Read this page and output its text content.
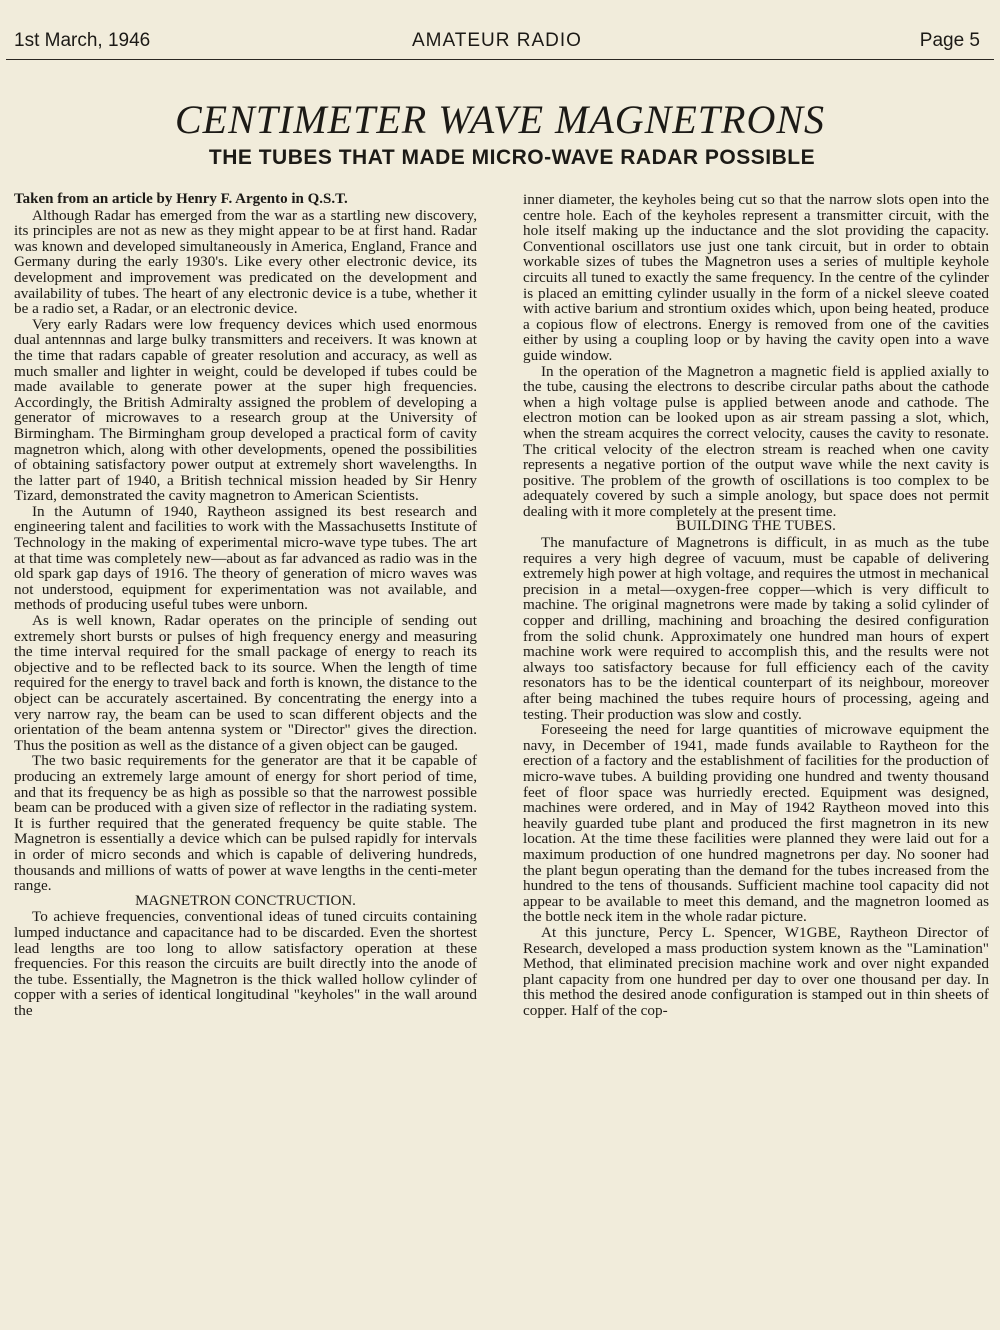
1st March, 1946	AMATEUR RADIO	Page 5
CENTIMETER WAVE MAGNETRONS
THE TUBES THAT MADE MICRO-WAVE RADAR POSSIBLE

Taken from an article by Henry F. Argento in Q.S.T.

Although Radar has emerged from the war as a startling new discovery, its principles are not as new as they might appear to be at first hand. Radar was known and developed simultaneously in America, England, France and Germany during the early 1930's. Like every other electronic device, its development and improvement was predicated on the development and availability of tubes. The heart of any electronic device is a tube, whether it be a radio set, a Radar, or an electronic device.

Very early Radars were low frequency devices which used enormous dual antennnas and large bulky transmitters and receivers. It was known at the time that radars capable of greater resolution and accuracy, as well as much smaller and lighter in weight, could be developed if tubes could be made available to generate power at the super high frequencies. Accordingly, the British Admiralty assigned the problem of developing a generator of microwaves to a research group at the University of Birmingham. The Birmingham group developed a practical form of cavity magnetron which, along with other developments, opened the possibilities of obtaining satisfactory power output at extremely short wavelengths. In the latter part of 1940, a British technical mission headed by Sir Henry Tizard, demonstrated the cavity magnetron to American Scientists.

In the Autumn of 1940, Raytheon assigned its best research and engineering talent and facilities to work with the Massachusetts Institute of Technology in the making of experimental micro-wave type tubes. The art at that time was completely new—about as far advanced as radio was in the old spark gap days of 1916. The theory of generation of micro waves was not understood, equipment for experimentation was not available, and methods of producing useful tubes were unborn.

As is well known, Radar operates on the principle of sending out extremely short bursts or pulses of high frequency energy and measuring the time interval required for the small package of energy to reach its objective and to be reflected back to its source. When the length of time required for the energy to travel back and forth is known, the distance to the object can be accurately ascertained. By concentrating the energy into a very narrow ray, the beam can be used to scan different objects and the orientation of the beam antenna system or "Director" gives the direction. Thus the position as well as the distance of a given object can be gauged.

The two basic requirements for the generator are that it be capable of producing an extremely large amount of energy for short period of time, and that its frequency be as high as possible so that the narrowest possible beam can be produced with a given size of reflector in the radiating system. It is further required that the generated frequency be quite stable. The Magnetron is essentially a device which can be pulsed rapidly for intervals in order of micro seconds and which is capable of delivering hundreds, thousands and millions of watts of power at wave lengths in the centi-meter range.

MAGNETRON CONCTRUCTION.

To achieve frequencies, conventional ideas of tuned circuits containing lumped inductance and capacitance had to be discarded. Even the shortest lead lengths are too long to allow satisfactory operation at these frequencies. For this reason the circuits are built directly into the anode of the tube. Essentially, the Magnetron is the thick walled hollow cylinder of copper with a series of identical longitudinal "keyholes" in the wall around the

inner diameter, the keyholes being cut so that the narrow slots open into the centre hole. Each of the keyholes represent a transmitter circuit, with the hole itself making up the inductance and the slot providing the capacity. Conventional oscillators use just one tank circuit, but in order to obtain workable sizes of tubes the Magnetron uses a series of multiple keyhole circuits all tuned to exactly the same frequency. In the centre of the cylinder is placed an emitting cylinder usually in the form of a nickel sleeve coated with active barium and strontium oxides which, upon being heated, produce a copious flow of electrons. Energy is removed from one of the cavities either by using a coupling loop or by having the cavity open into a wave guide window.

In the operation of the Magnetron a magnetic field is applied axially to the tube, causing the electrons to describe circular paths about the cathode when a high voltage pulse is applied between anode and cathode. The electron motion can be looked upon as air stream passing a slot, which, when the stream acquires the correct velocity, causes the cavity to resonate. The critical velocity of the electron stream is reached when one cavity represents a negative portion of the output wave while the next cavity is positive. The problem of the growth of oscillations is too complex to be adequately covered by such a simple anology, but space does not permit dealing with it more completely at the present time.

BUILDING THE TUBES.

The manufacture of Magnetrons is difficult, in as much as the tube requires a very high degree of vacuum, must be capable of delivering extremely high power at high voltage, and requires the utmost in mechanical precision in a metal—oxygen-free copper—which is very difficult to machine. The original magnetrons were made by taking a solid cylinder of copper and drilling, machining and broaching the desired configuration from the solid chunk. Approximately one hundred man hours of expert machine work were required to accomplish this, and the results were not always too satisfactory because for full efficiency each of the cavity resonators has to be the identical counterpart of its neighbour, moreover after being machined the tubes require hours of processing, ageing and testing. Their production was slow and costly.

Foreseeing the need for large quantities of microwave equipment the navy, in December of 1941, made funds available to Raytheon for the erection of a factory and the establishment of facilities for the production of micro-wave tubes. A building providing one hundred and twenty thousand feet of floor space was hurriedly erected. Equipment was designed, machines were ordered, and in May of 1942 Raytheon moved into this heavily guarded tube plant and produced the first magnetron in its new location. At the time these facilities were planned they were laid out for a maximum production of one hundred magnetrons per day. No sooner had the plant begun operating than the demand for the tubes increased from the hundred to the tens of thousands. Sufficient machine tool capacity did not appear to be available to meet this demand, and the magnetron loomed as the bottle neck item in the whole radar picture.

At this juncture, Percy L. Spencer, W1GBE, Raytheon Director of Research, developed a mass production system known as the "Lamination" Method, that eliminated precision machine work and over night expanded plant capacity from one hundred per day to over one thousand per day. In this method the desired anode configuration is stamped out in thin sheets of copper. Half of the cop-
